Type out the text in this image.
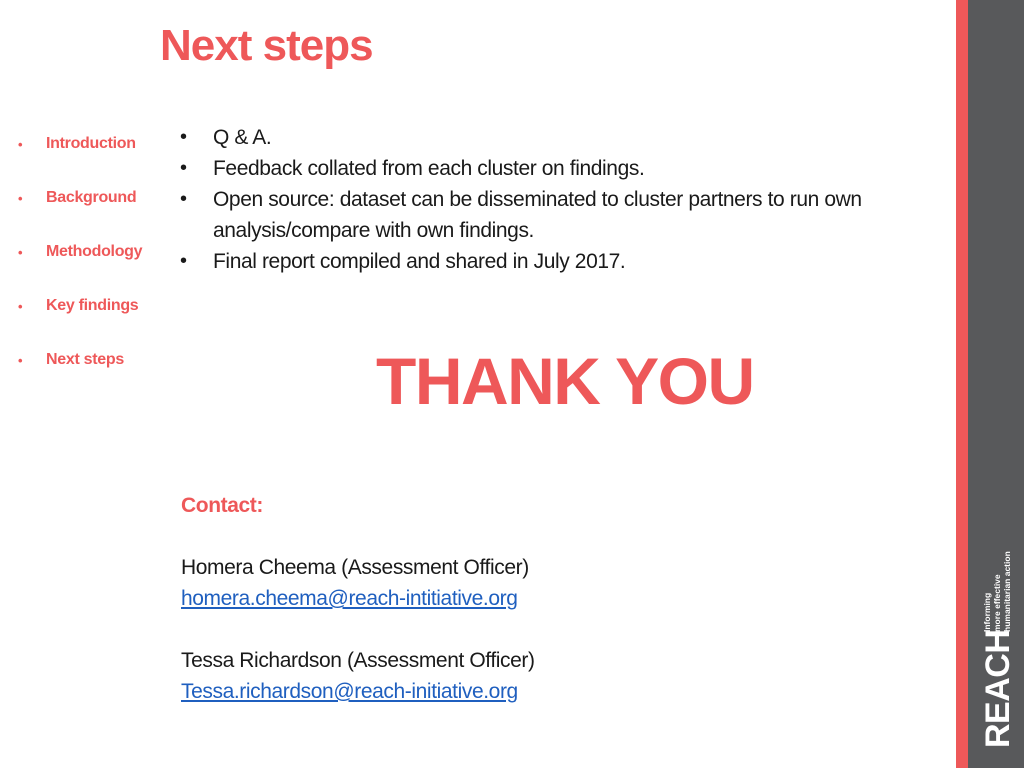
Next steps
•	Introduction
•	Background
•	Methodology
•	Key findings
•	Next steps
•	Q & A.
•	Feedback collated from each cluster on findings.
•	Open source: dataset can be disseminated to cluster partners to run own analysis/compare with own findings.
•	Final report compiled and shared in July 2017.
THANK YOU
Contact:
Homera Cheema (Assessment Officer)
homera.cheema@reach-intitiative.org
Tessa Richardson (Assessment Officer)
Tessa.richardson@reach-initiative.org	REACH
Informing more effective humanitarian action
